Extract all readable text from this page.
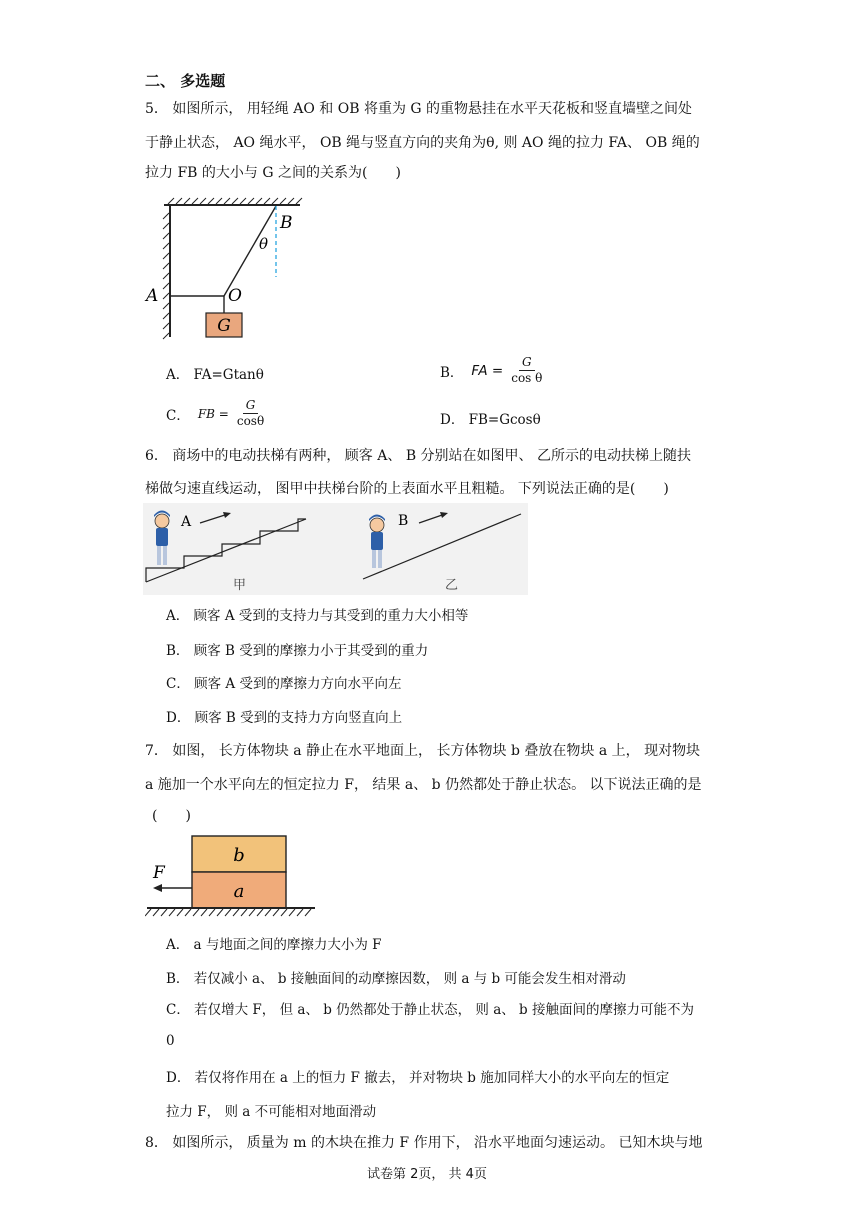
二、 多选题
5． 如图所示， 用轻绳 AO 和 OB 将重为 G 的重物悬挂在水平天花板和竖直墙壁之间处
于静止状态， AO 绳水平， OB 绳与竖直方向的夹角为θ, 则 AO 绳的拉力 FA、 OB 绳的
拉力 FB 的大小与 G 之间的关系为(　　)
G
A
B
O
θ
A． FA=Gtanθ	B． FA = $\frac{G}{\text{cos θ}}$
C． FB = $\frac{G}{\cos\theta}$	D． FB=Gcosθ
6． 商场中的电动扶梯有两种， 顾客 A、 B 分别站在如图甲、 乙所示的电动扶梯上随扶
梯做匀速直线运动， 图甲中扶梯台阶的上表面水平且粗糙。 下列说法正确的是(　　)
A
甲
B
乙
A． 顾客 A 受到的支持力与其受到的重力大小相等
B． 顾客 B 受到的摩擦力小于其受到的重力
C． 顾客 A 受到的摩擦力方向水平向左
D． 顾客 B 受到的支持力方向竖直向上
7． 如图， 长方体物块 a 静止在水平地面上， 长方体物块 b 叠放在物块 a 上， 现对物块
a 施加一个水平向左的恒定拉力 F， 结果 a、 b 仍然都处于静止状态。 以下说法正确的是
(　　)
b
a
F
A． a 与地面之间的摩擦力大小为 F
B． 若仅减小 a、 b 接触面间的动摩擦因数， 则 a 与 b 可能会发生相对滑动
C． 若仅增大 F， 但 a、 b 仍然都处于静止状态， 则 a、 b 接触面间的摩擦力可能不为
0
D． 若仅将作用在 a 上的恒力 F 撤去， 并对物块 b 施加同样大小的水平向左的恒定
拉力 F， 则 a 不可能相对地面滑动
8． 如图所示， 质量为 m 的木块在推力 F 作用下， 沿水平地面匀速运动。 已知木块与地
试卷第 2页， 共 4页
